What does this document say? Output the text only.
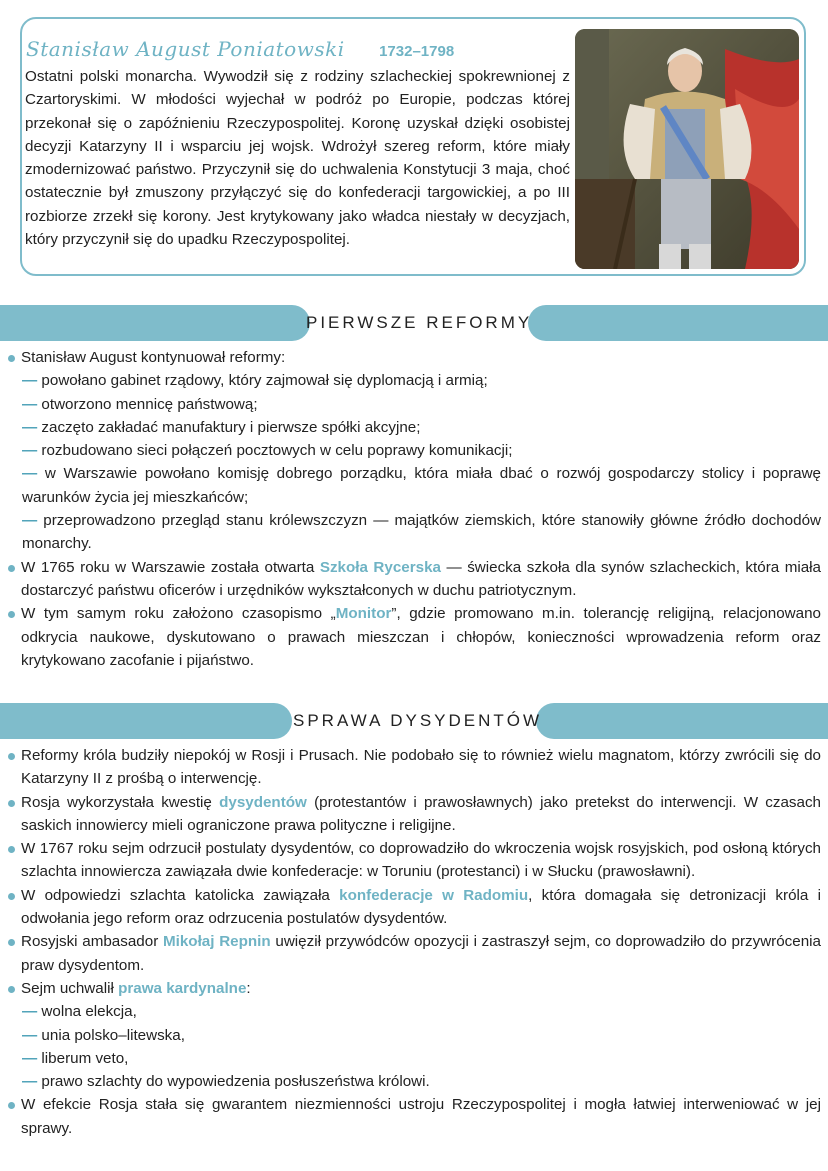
Stanisław August Poniatowski 1732–1798
Ostatni polski monarcha. Wywodził się z rodziny szlacheckiej spokrewnionej z Czartoryskimi. W młodości wyjechał w podróż po Europie, podczas której przekonał się o zapóźnieniu Rzeczypospolitej. Koronę uzyskał dzięki osobistej decyzji Katarzyny II i wsparciu jej wojsk. Wdrożył szereg reform, które miały zmodernizować państwo. Przyczynił się do uchwalenia Konstytucji 3 maja, choć ostatecznie był zmuszony przyłączyć się do konfederacji targowickiej, a po III rozbiorze zrzekł się korony. Jest krytykowany jako władca niestały w decyzjach, który przyczynił się do upadku Rzeczypospolitej.
PIERWSZE REFORMY

Stanisław August kontynuował reformy:

— powołano gabinet rządowy, który zajmował się dyplomacją i armią;

— otworzono mennicę państwową;

— zaczęto zakładać manufaktury i pierwsze spółki akcyjne;

— rozbudowano sieci połączeń pocztowych w celu poprawy komunikacji;

— w Warszawie powołano komisję dobrego porządku, która miała dbać o rozwój gospodarczy stolicy i poprawę warunków życia jej mieszkańców;

— przeprowadzono przegląd stanu królewszczyzn — majątków ziemskich, które stanowiły główne źródło dochodów monarchy.

W 1765 roku w Warszawie została otwarta Szkoła Rycerska — świecka szkoła dla synów szlacheckich, która miała dostarczyć państwu oficerów i urzędników wykształconych w duchu patriotycznym.

W tym samym roku założono czasopismo „Monitor”, gdzie promowano m.in. tolerancję religijną, relacjonowano odkrycia naukowe, dyskutowano o prawach mieszczan i chłopów, konieczności wprowadzenia reform oraz krytykowano zacofanie i pijaństwo.

SPRAWA DYSYDENTÓW

Reformy króla budziły niepokój w Rosji i Prusach. Nie podobało się to również wielu magnatom, którzy zwrócili się do Katarzyny II z prośbą o interwencję.

Rosja wykorzystała kwestię dysydentów (protestantów i prawosławnych) jako pretekst do interwencji. W czasach saskich innowiercy mieli ograniczone prawa polityczne i religijne.

W 1767 roku sejm odrzucił postulaty dysydentów, co doprowadziło do wkroczenia wojsk rosyjskich, pod osłoną których szlachta innowiercza zawiązała dwie konfederacje: w Toruniu (protestanci) i w Słucku (prawosławni).

W odpowiedzi szlachta katolicka zawiązała konfederacje w Radomiu, która domagała się detronizacji króla i odwołania jego reform oraz odrzucenia postulatów dysydentów.

Rosyjski ambasador Mikołaj Repnin uwięził przywódców opozycji i zastraszył sejm, co doprowadziło do przywrócenia praw dysydentom.

Sejm uchwalił prawa kardynalne:

— wolna elekcja,

— unia polsko–litewska,

— liberum veto,

— prawo szlachty do wypowiedzenia posłuszeństwa królowi.

W efekcie Rosja stała się gwarantem niezmienności ustroju Rzeczypospolitej i mogła łatwiej interweniować w jej sprawy.
